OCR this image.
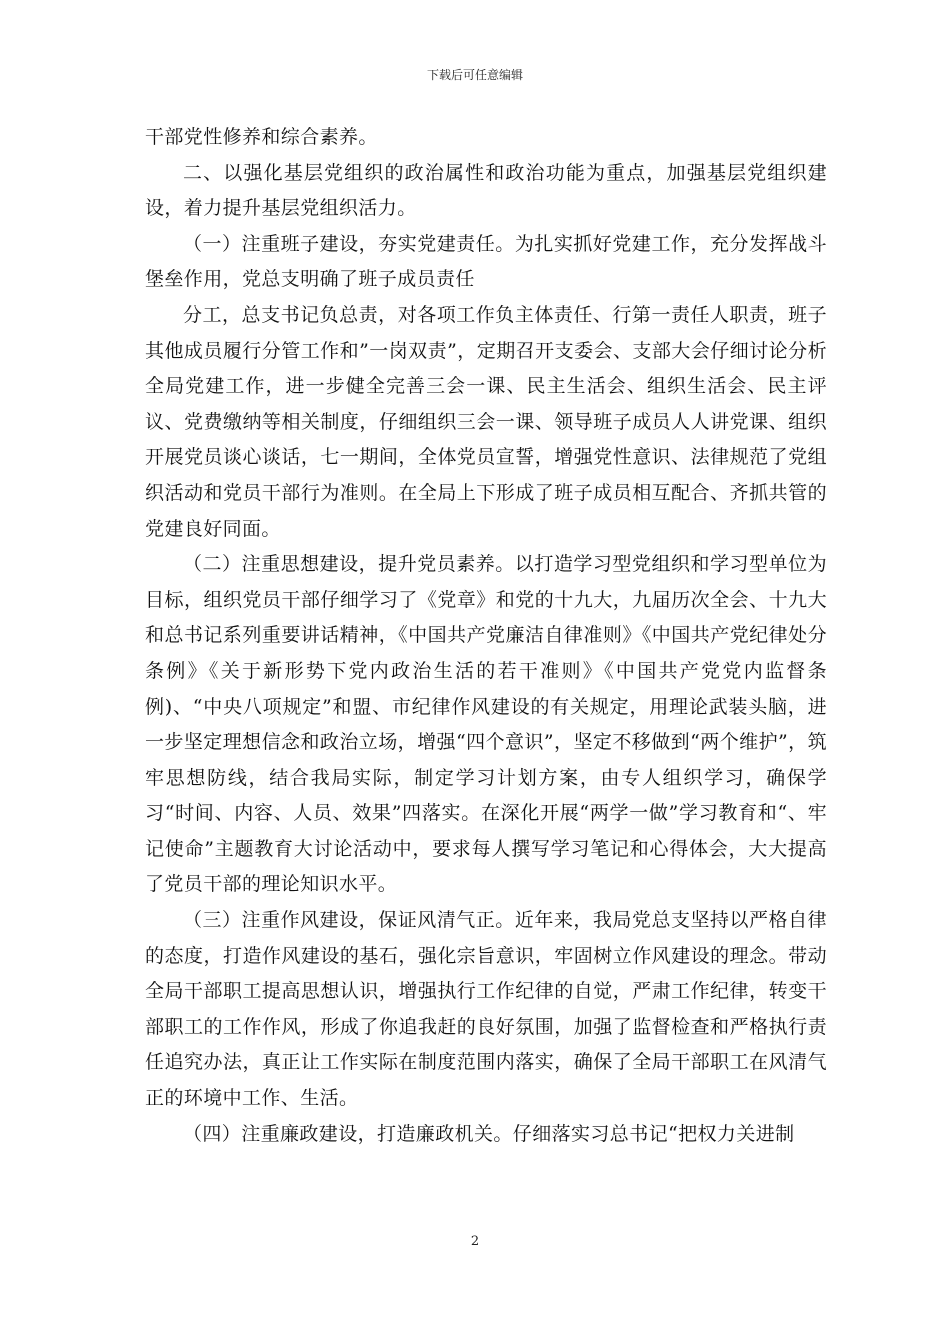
下载后可任意编辑

干部党性修养和综合素养。

二、以强化基层党组织的政治属性和政治功能为重点，加强基层党组织建设，着力提升基层党组织活力。

（一）注重班子建设，夯实党建责任。为扎实抓好党建工作，充分发挥战斗堡垒作用，党总支明确了班子成员责任

分工，总支书记负总责，对各项工作负主体责任、行第一责任人职责，班子其他成员履行分管工作和”一岗双责”，定期召开支委会、支部大会仔细讨论分析全局党建工作，进一步健全完善三会一课、民主生活会、组织生活会、民主评议、党费缴纳等相关制度，仔细组织三会一课、领导班子成员人人讲党课、组织开展党员谈心谈话，七一期间，全体党员宣誓，增强党性意识、法律规范了党组织活动和党员干部行为准则。在全局上下形成了班子成员相互配合、齐抓共管的党建良好同面。

（二）注重思想建设，提升党员素养。以打造学习型党组织和学习型单位为目标，组织党员干部仔细学习了《党章》和党的十九大，九届历次全会、十九大和总书记系列重要讲话精神，《中国共产党廉洁自律准则》《中国共产党纪律处分条例》《关于新形势下党内政治生活的若干准则》《中国共产党党内监督条例)、“中央八项规定”和盟、市纪律作风建设的有关规定，用理论武装头脑，进一步坚定理想信念和政治立场，增强“四个意识”，坚定不移做到“两个维护”，筑牢思想防线，结合我局实际，制定学习计划方案，由专人组织学习，确保学习“时间、内容、人员、效果”四落实。在深化开展“两学一做”学习教育和“、牢记使命”主题教育大讨论活动中，要求每人撰写学习笔记和心得体会，大大提高了党员干部的理论知识水平。

（三）注重作风建设，保证风清气正。近年来，我局党总支坚持以严格自律的态度，打造作风建设的基石，强化宗旨意识，牢固树立作风建设的理念。带动全局干部职工提高思想认识，增强执行工作纪律的自觉，严肃工作纪律，转变干部职工的工作作风，形成了你追我赶的良好氛围，加强了监督检查和严格执行责任追究办法，真正让工作实际在制度范围内落实，确保了全局干部职工在风清气正的环境中工作、生活。

（四）注重廉政建设，打造廉政机关。仔细落实习总书记“把权力关进制

2
